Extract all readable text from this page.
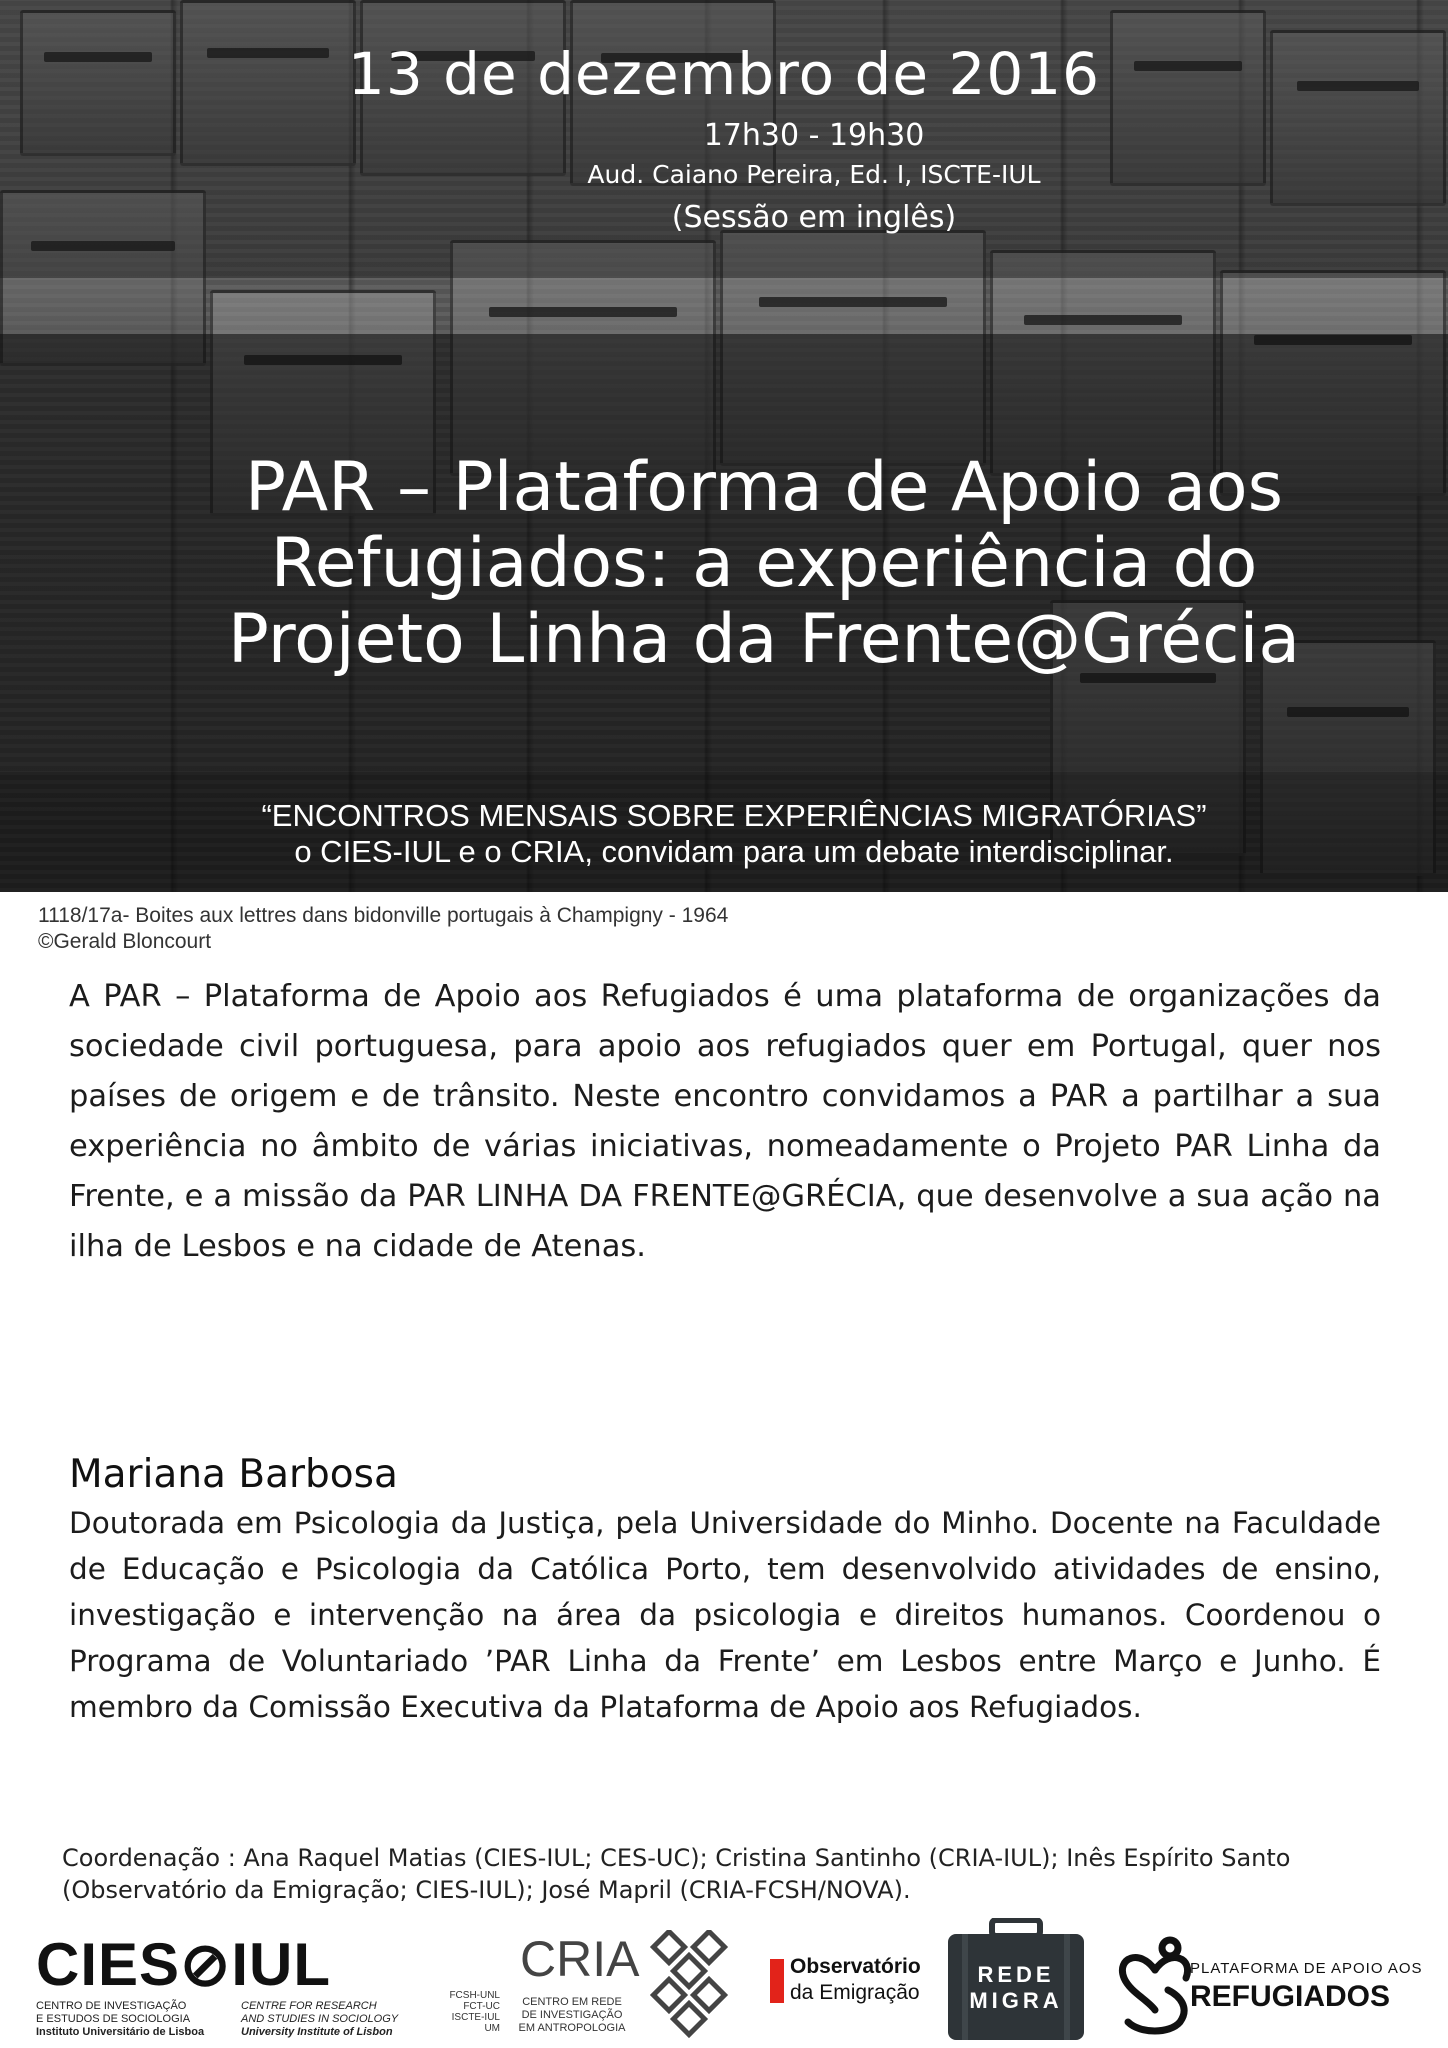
13 de dezembro de 2016
17h30 - 19h30
Aud. Caiano Pereira, Ed. I, ISCTE-IUL
(Sessão em inglês)
PAR – Plataforma de Apoio aos
Refugiados: a experiência do
Projeto Linha da Frente@Grécia
“ENCONTROS MENSAIS SOBRE EXPERIÊNCIAS MIGRATÓRIAS”
o CIES-IUL e o CRIA, convidam para um debate interdisciplinar.
1118/17a- Boites aux lettres dans bidonville portugais à Champigny - 1964
©Gerald Bloncourt
A PAR – Plataforma de Apoio aos Refugiados é uma plataforma de organizações da sociedade civil portuguesa, para apoio aos refugiados quer em Portugal, quer nos países de origem e de trânsito. Neste encontro convidamos a PAR a partilhar a sua experiência no âmbito de várias iniciativas, nomeadamente o Projeto PAR Linha da Frente, e a missão da PAR LINHA DA FRENTE@GRÉCIA, que desenvolve a sua ação na ilha de Lesbos e na cidade de Atenas.
Mariana Barbosa
Doutorada em Psicologia da Justiça, pela Universidade do Minho. Docente na Faculdade de Educação e Psicologia da Católica Porto, tem desenvolvido atividades de ensino, investigação e intervenção na área da psicologia e direitos humanos. Coordenou o Programa de Voluntariado ’PAR Linha da Frente’ em Lesbos entre Março e Junho. É membro da Comissão Executiva da Plataforma de Apoio aos Refugiados.
Coordenação : Ana Raquel Matias (CIES-IUL; CES-UC); Cristina Santinho (CRIA-IUL); Inês Espírito Santo (Observatório da Emigração; CIES-IUL); José Mapril (CRIA-FCSH/NOVA).
CIES⊘IUL
CENTRO DE INVESTIGAÇÃO
E ESTUDOS DE SOCIOLOGIA
Instituto Universitário de Lisboa
CENTRE FOR RESEARCH
AND STUDIES IN SOCIOLOGY
University Institute of Lisbon
FCSH-UNL
FCT-UC
ISCTE-IUL
UM
CRIA
CENTRO EM REDE
DE INVESTIGAÇÃO
EM ANTROPOLOGIA
Observatório
da Emigração
REDE
MIGRA
PLATAFORMA DE APOIO AOS
REFUGIADOS
